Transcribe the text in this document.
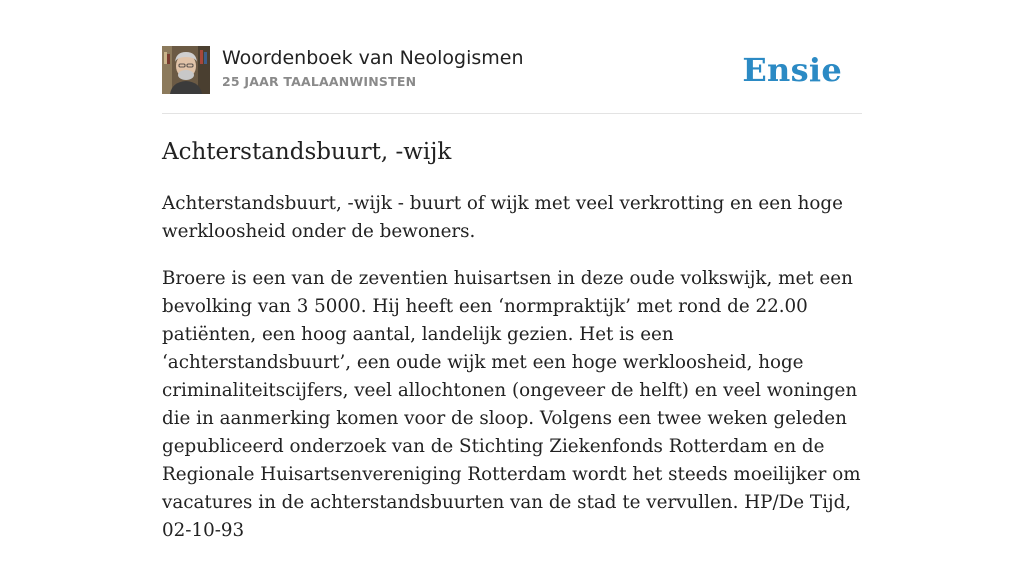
Woordenboek van Neologismen
25 JAAR TAALAANWINSTEN	Ensie
Achterstandsbuurt, -wijk

Achterstandsbuurt, -wijk - buurt of wijk met veel verkrotting en een hoge werkloosheid onder de bewoners.

Broere is een van de zeventien huisartsen in deze oude volkswijk, met een bevolking van 3 5000. Hij heeft een ‘normpraktijk’ met rond de 22.00 patiënten, een hoog aantal, landelijk gezien. Het is een ‘achterstandsbuurt’, een oude wijk met een hoge werkloosheid, hoge criminaliteitscijfers, veel allochtonen (ongeveer de helft) en veel woningen die in aanmerking komen voor de sloop. Volgens een twee weken geleden gepubliceerd onderzoek van de Stichting Ziekenfonds Rotterdam en de Regionale Huisartsenvereniging Rotterdam wordt het steeds moeilijker om vacatures in de achterstandsbuurten van de stad te vervullen. HP/De Tijd, 02-10-93
